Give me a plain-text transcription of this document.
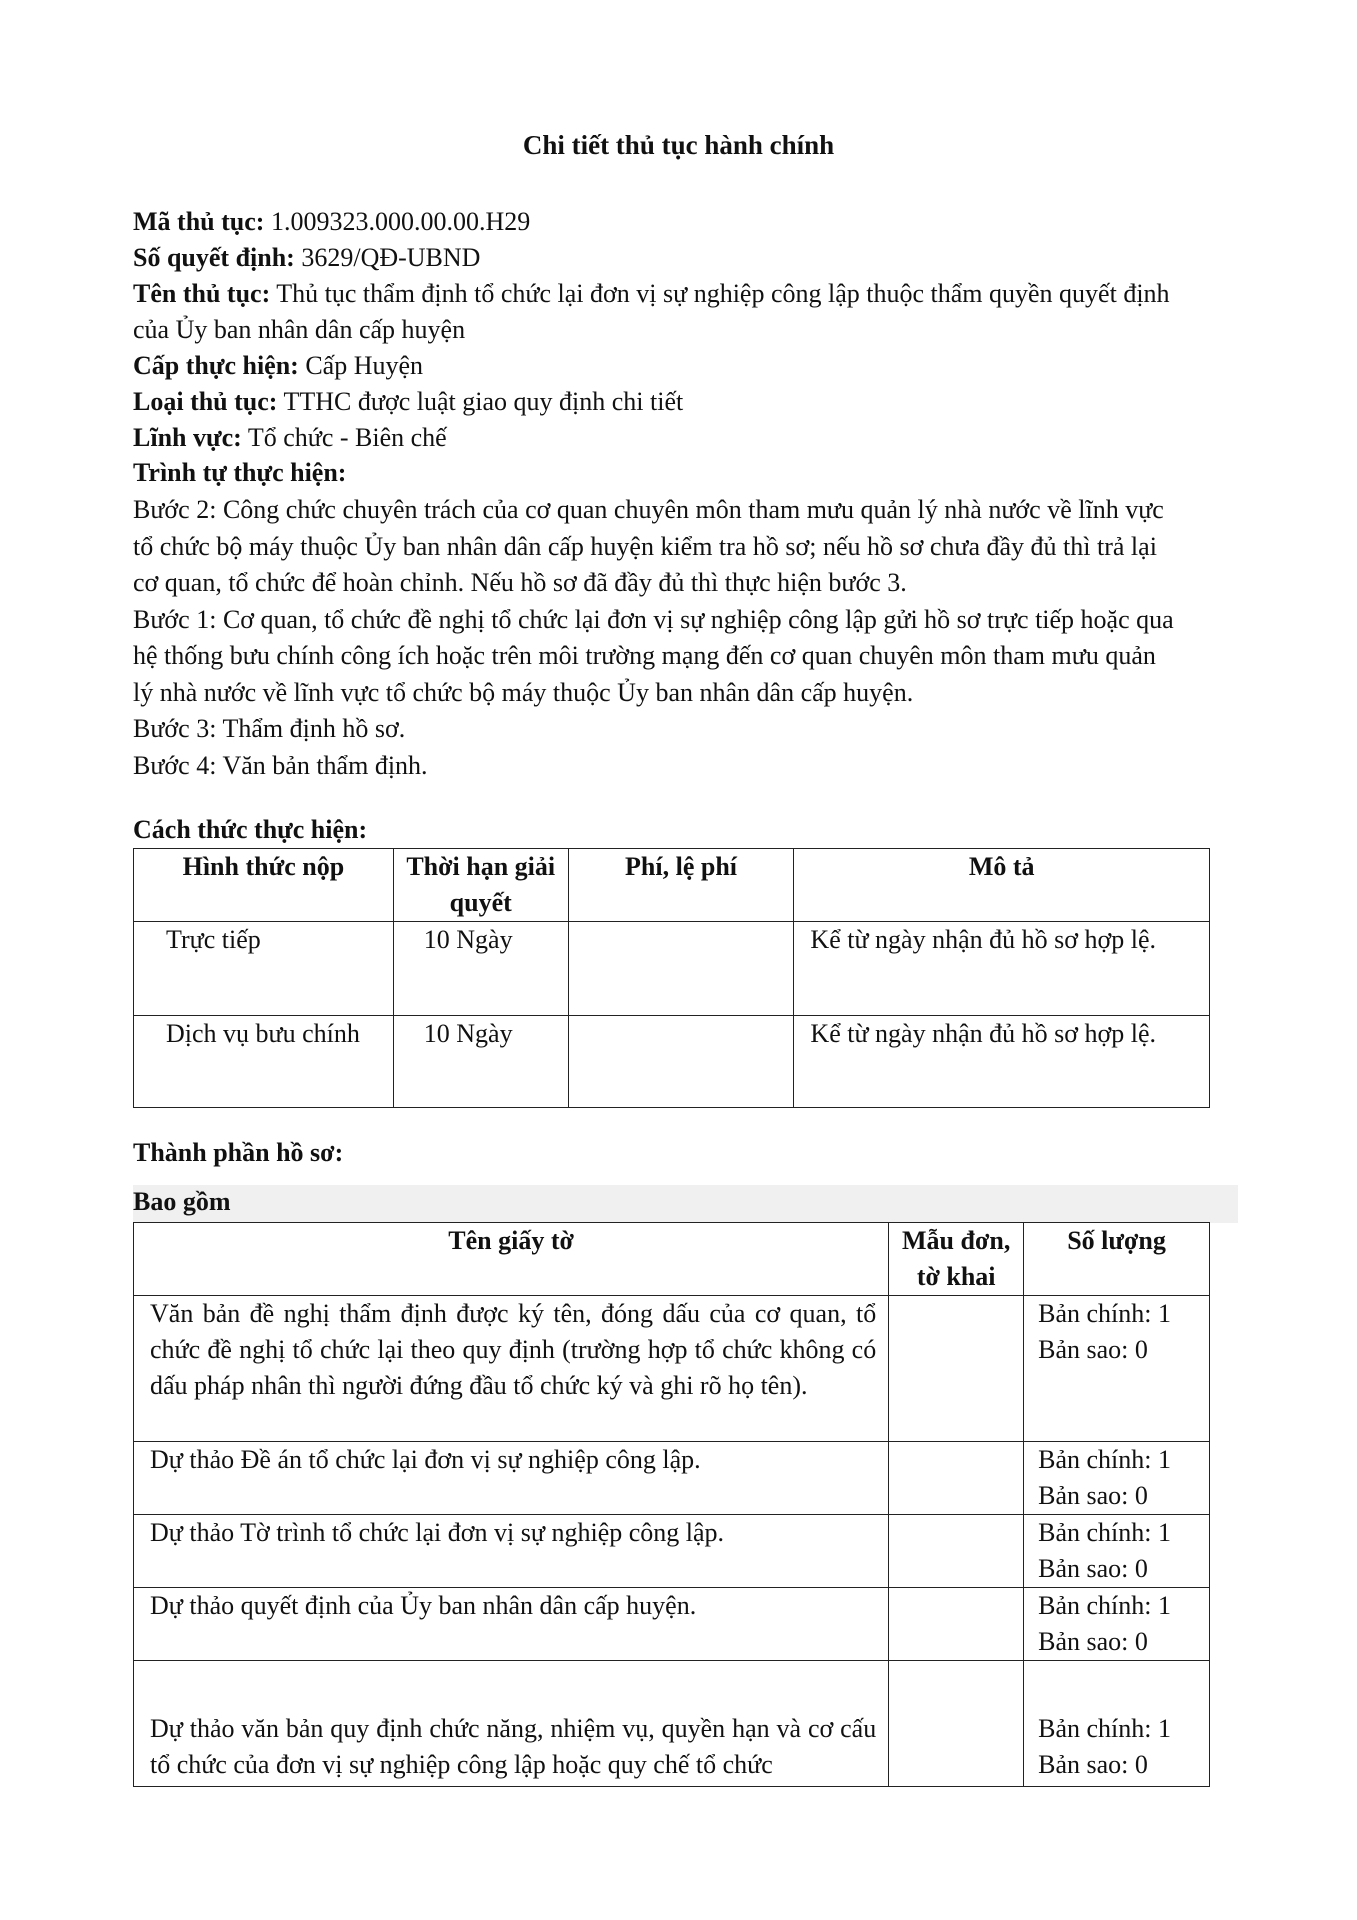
Chi tiết thủ tục hành chính
Mã thủ tục: 1.009323.000.00.00.H29
Số quyết định: 3629/QĐ-UBND
Tên thủ tục: Thủ tục thẩm định tổ chức lại đơn vị sự nghiệp công lập thuộc thẩm quyền quyết định
của Ủy ban nhân dân cấp huyện
Cấp thực hiện: Cấp Huyện
Loại thủ tục: TTHC được luật giao quy định chi tiết
Lĩnh vực: Tổ chức - Biên chế
Trình tự thực hiện:
Bước 2: Công chức chuyên trách của cơ quan chuyên môn tham mưu quản lý nhà nước về lĩnh vực
tổ chức bộ máy thuộc Ủy ban nhân dân cấp huyện kiểm tra hồ sơ; nếu hồ sơ chưa đầy đủ thì trả lại
cơ quan, tổ chức để hoàn chỉnh. Nếu hồ sơ đã đầy đủ thì thực hiện bước 3.
Bước 1: Cơ quan, tổ chức đề nghị tổ chức lại đơn vị sự nghiệp công lập gửi hồ sơ trực tiếp hoặc qua
hệ thống bưu chính công ích hoặc trên môi trường mạng đến cơ quan chuyên môn tham mưu quản
lý nhà nước về lĩnh vực tổ chức bộ máy thuộc Ủy ban nhân dân cấp huyện.
Bước 3: Thẩm định hồ sơ.
Bước 4: Văn bản thẩm định.
Cách thức thực hiện:
Hình thức nộp	Thời hạn giải quyết	Phí, lệ phí	Mô tả
Trực tiếp	10 Ngày		Kể từ ngày nhận đủ hồ sơ hợp lệ.
Dịch vụ bưu chính	10 Ngày		Kể từ ngày nhận đủ hồ sơ hợp lệ.
Thành phần hồ sơ:
Bao gồm
Tên giấy tờ	Mẫu đơn, tờ khai	Số lượng
Văn bản đề nghị thẩm định được ký tên, đóng dấu của cơ quan, tổ chức đề nghị tổ chức lại theo quy định (trường hợp tổ chức không có dấu pháp nhân thì người đứng đầu tổ chức ký và ghi rõ họ tên).		Bản chính: 1
Bản sao: 0

Dự thảo Đề án tổ chức lại đơn vị sự nghiệp công lập.		Bản chính: 1
Bản sao: 0

Dự thảo Tờ trình tổ chức lại đơn vị sự nghiệp công lập.		Bản chính: 1
Bản sao: 0

Dự thảo quyết định của Ủy ban nhân dân cấp huyện.		Bản chính: 1
Bản sao: 0

Dự thảo văn bản quy định chức năng, nhiệm vụ, quyền hạn và cơ cấu tổ chức của đơn vị sự nghiệp công lập hoặc quy chế tổ chức		Bản chính: 1
Bản sao: 0
